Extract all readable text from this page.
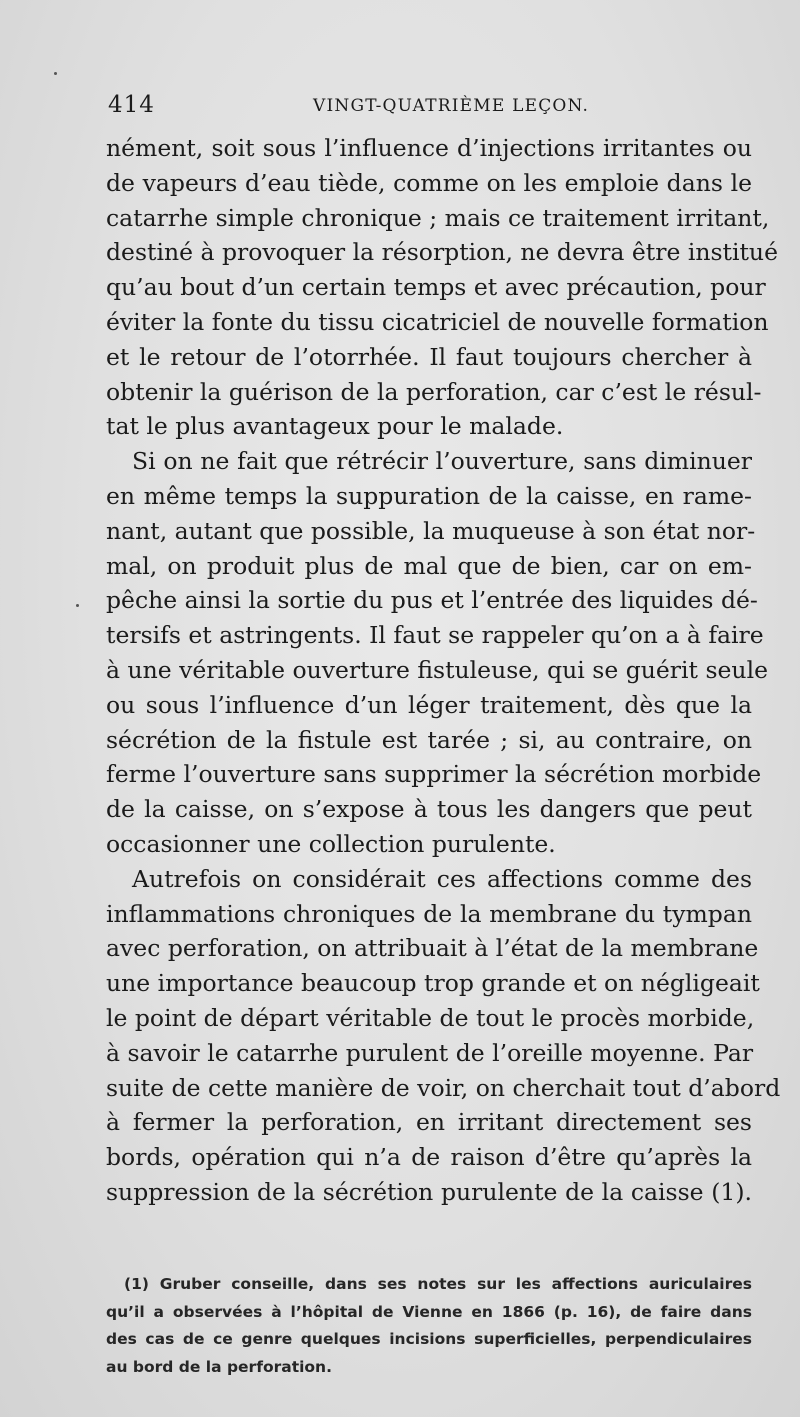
414	VINGT-QUATRIÈME LEÇON.
nément, soit sous l’influence d’injections irritantes ou
de vapeurs d’eau tiède, comme on les emploie dans le
catarrhe simple chronique ; mais ce traitement irritant,
destiné à provoquer la résorption, ne devra être institué
qu’au bout d’un certain temps et avec précaution, pour
éviter la fonte du tissu cicatriciel de nouvelle formation
et le retour de l’otorrhée. Il faut toujours chercher à
obtenir la guérison de la perforation, car c’est le résul-
tat le plus avantageux pour le malade.
Si on ne fait que rétrécir l’ouverture, sans diminuer
en même temps la suppuration de la caisse, en rame-
nant, autant que possible, la muqueuse à son état nor-
mal, on produit plus de mal que de bien, car on em-
pêche ainsi la sortie du pus et l’entrée des liquides dé-
tersifs et astringents. Il faut se rappeler qu’on a à faire
à une véritable ouverture fistuleuse, qui se guérit seule
ou sous l’influence d’un léger traitement, dès que la
sécrétion de la fistule est tarée ; si, au contraire, on
ferme l’ouverture sans supprimer la sécrétion morbide
de la caisse, on s’expose à tous les dangers que peut
occasionner une collection purulente.
Autrefois on considérait ces affections comme des
inflammations chroniques de la membrane du tympan
avec perforation, on attribuait à l’état de la membrane
une importance beaucoup trop grande et on négligeait
le point de départ véritable de tout le procès morbide,
à savoir le catarrhe purulent de l’oreille moyenne. Par
suite de cette manière de voir, on cherchait tout d’abord
à fermer la perforation, en irritant directement ses
bords, opération qui n’a de raison d’être qu’après la
suppression de la sécrétion purulente de la caisse (1).
(1) Gruber conseille, dans ses notes sur les affections auriculaires
qu’il a observées à l’hôpital de Vienne en 1866 (p. 16), de faire dans
des cas de ce genre quelques incisions superficielles, perpendiculaires
au bord de la perforation.
